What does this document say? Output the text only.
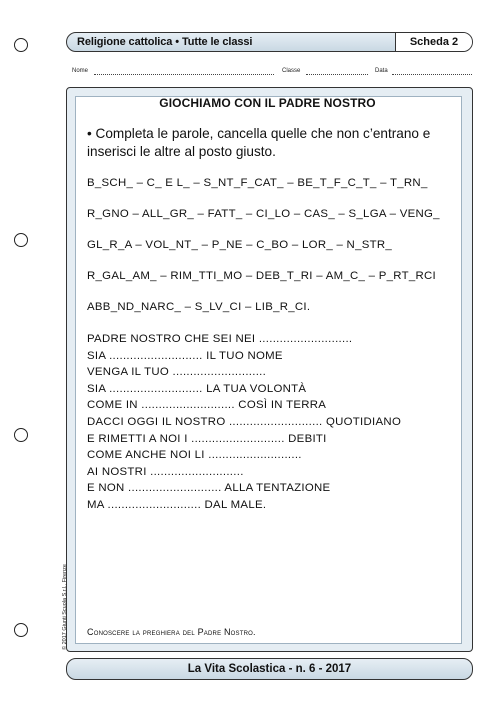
Religione cattolica • Tutte le classi	Scheda 2
Nome	Classe	Data
GIOCHIAMO CON IL PADRE NOSTRO
• Completa le parole, cancella quelle che non c’entrano e
inserisci le altre al posto giusto.
B_SCH_ – C_ E L_ – S_NT_F_CAT_ – BE_T_F_C_T_ – T_RN_
R_GNO – ALL_GR_ – FATT_ – CI_LO – CAS_ – S_LGA – VENG_
GL_R_A – VOL_NT_ – P_NE – C_BO – LOR_ – N_STR_
R_GAL_AM_ – RIM_TTI_MO – DEB_T_RI – AM_C_ – P_RT_RCI
ABB_ND_NARC_ – S_LV_CI – LIB_R_CI.
PADRE NOSTRO CHE SEI NEI ...........................
SIA ........................... IL TUO NOME
VENGA IL TUO ...........................
SIA ........................... LA TUA VOLONTÀ
COME IN ........................... COSÌ IN TERRA
DACCI OGGI IL NOSTRO ........................... QUOTIDIANO
E RIMETTI A NOI I ........................... DEBITI
COME ANCHE NOI LI ...........................
AI NOSTRI ...........................
E NON ........................... ALLA TENTAZIONE
MA ........................... DAL MALE.
Conoscere la preghiera del Padre Nostro.
© 2017 Giunti Scuola S.r.l., Firenze
La Vita Scolastica - n. 6 - 2017
